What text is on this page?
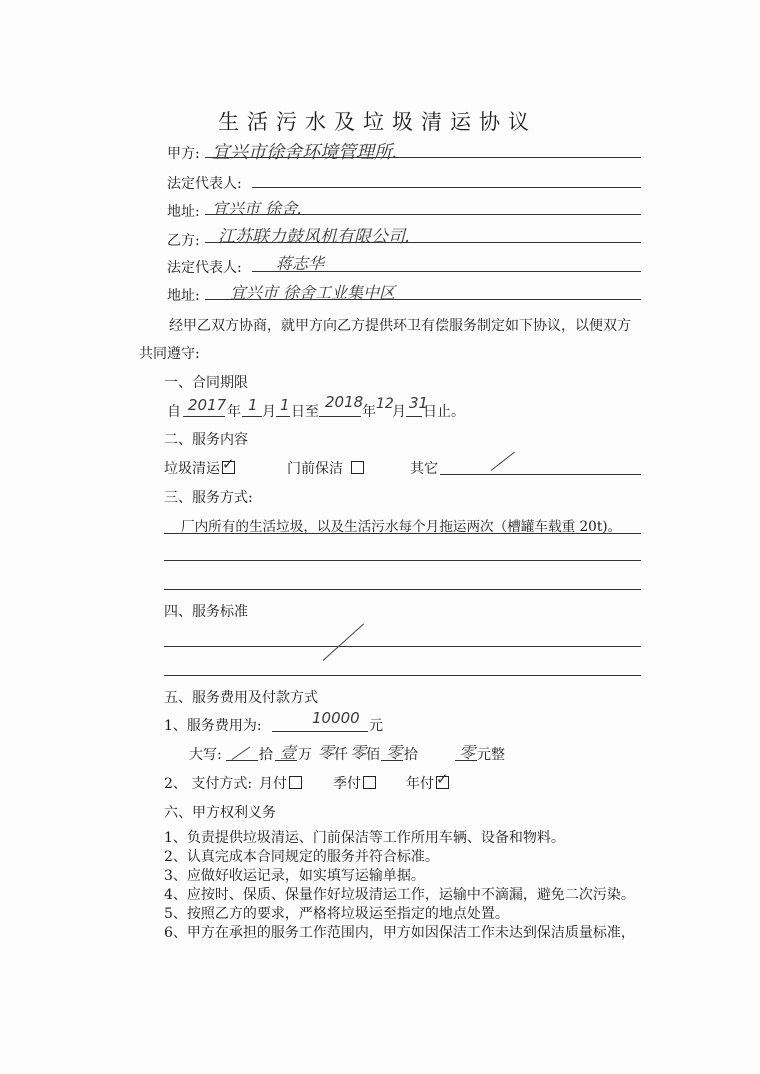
生活污水及垃圾清运协议
甲方: 宜兴市徐舍环境管理所.
法定代表人:
地址: 宜兴市 徐舍.
乙方: 江苏联力鼓风机有限公司.
法定代表人: 蒋志华
地址: 宜兴市 徐舍工业集中区
经甲乙双方协商，就甲方向乙方提供环卫有偿服务制定如下协议，以便双方
共同遵守:
一、合同期限
自 2017 年 1 月 1 日至
2018
年 12
月 31
日止。
二、服务内容
垃圾清运 ✓	门前保洁	其它
三、服务方式:
厂内所有的生活垃圾，以及生活污水每个月拖运两次（槽罐车载重 20t)。
四、服务标准
五、服务费用及付款方式
1、服务费用为:	10000 元
大写:	拾 壹 万 零 仟 零 佰 零 拾	零 元整
2、 支付方式: 月付	季付	年付 ✓
六、甲方权利义务
1、负责提供垃圾清运、门前保洁等工作所用车辆、设备和物料。
2、认真完成本合同规定的服务并符合标准。
3、应做好收运记录，如实填写运输单据。
4、应按时、保质、保量作好垃圾清运工作，运输中不滴漏，避免二次污染。
5、按照乙方的要求，严格将垃圾运至指定的地点处置。
6、甲方在承担的服务工作范围内，甲方如因保洁工作未达到保洁质量标准，
